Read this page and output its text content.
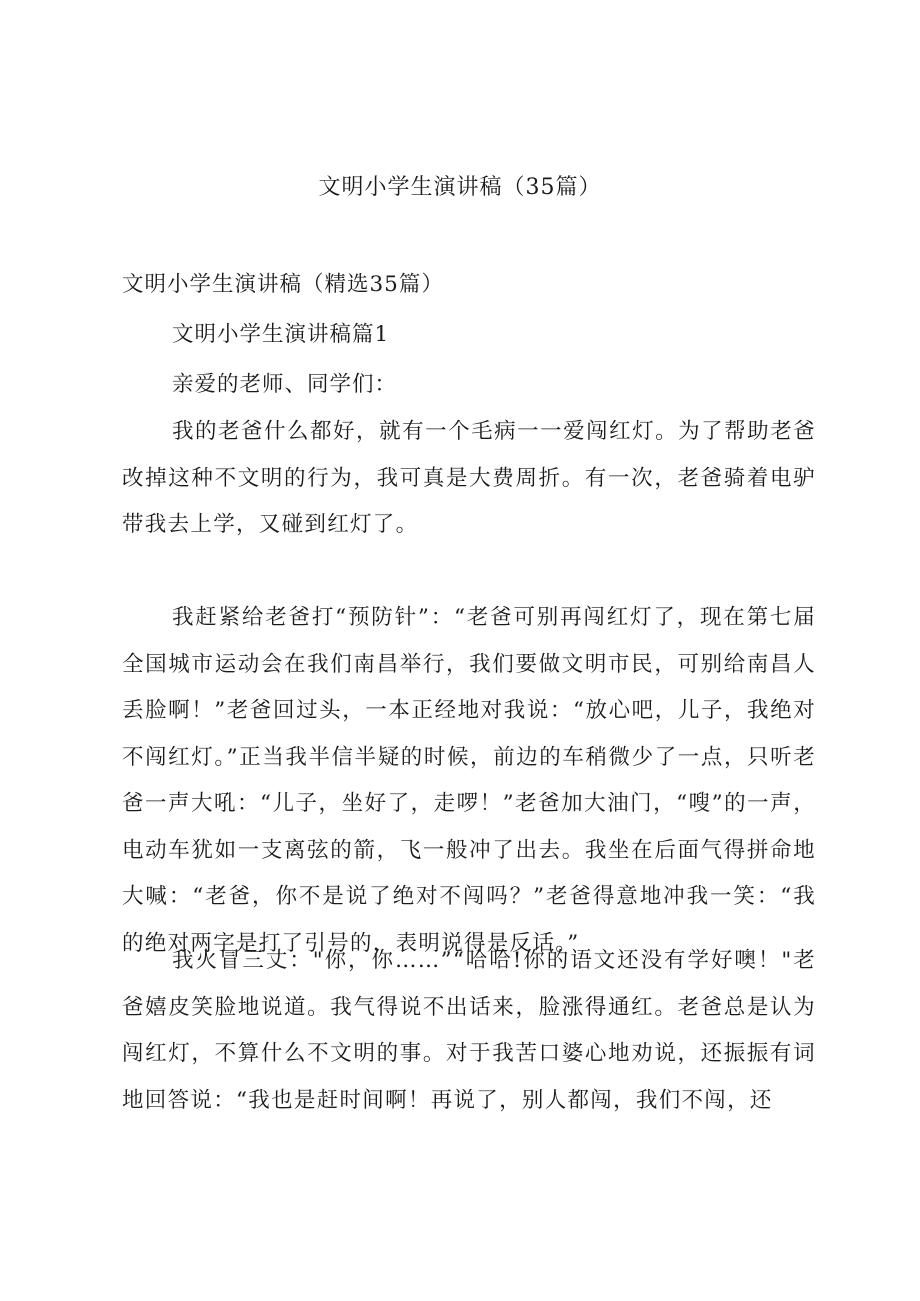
文明小学生演讲稿（35篇）
文明小学生演讲稿（精选35篇）
文明小学生演讲稿篇1
亲爱的老师、同学们：
我的老爸什么都好，就有一个毛病一一爱闯红灯。为了帮助老爸改掉这种不文明的行为，我可真是大费周折。有一次，老爸骑着电驴带我去上学，又碰到红灯了。
我赶紧给老爸打“预防针”：“老爸可别再闯红灯了，现在第七届全国城市运动会在我们南昌举行，我们要做文明市民，可别给南昌人丢脸啊！”老爸回过头，一本正经地对我说：“放心吧，儿子，我绝对不闯红灯。”正当我半信半疑的时候，前边的车稍微少了一点，只听老爸一声大吼：“儿子，坐好了，走啰！”老爸加大油门，“嗖”的一声，电动车犹如一支离弦的箭，飞一般冲了出去。我坐在后面气得拼命地大喊：“老爸，你不是说了绝对不闯吗？”老爸得意地冲我一笑：“我的绝对两字是打了引号的，表明说得是反话。”
我火冒三丈："你，你……”“哈哈!你的语文还没有学好噢！"老爸嬉皮笑脸地说道。我气得说不出话来，脸涨得通红。老爸总是认为闯红灯，不算什么不文明的事。对于我苦口婆心地劝说，还振振有词地回答说：“我也是赶时间啊！再说了，别人都闯，我们不闯，还
